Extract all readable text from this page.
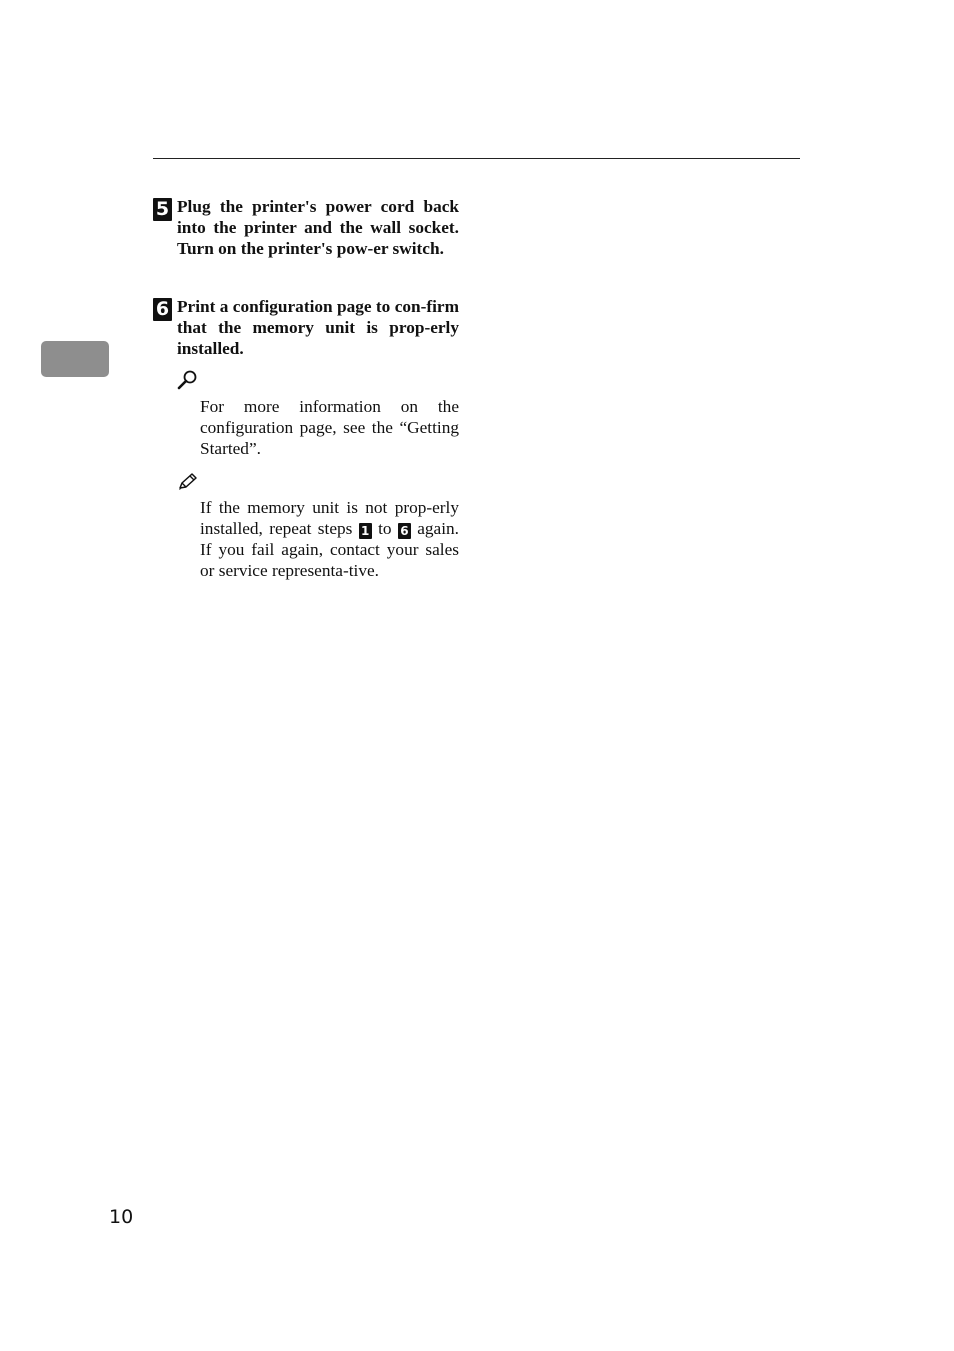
5 Plug the printer's power cord back into the printer and the wall socket. Turn on the printer's pow-er switch.
6 Print a configuration page to con-firm that the memory unit is prop-erly installed.
For more information on the configuration page, see the “Getting Started”.
If the memory unit is not prop-erly installed, repeat steps 1 to 6 again. If you fail again, contact your sales or service representa-tive.
10
